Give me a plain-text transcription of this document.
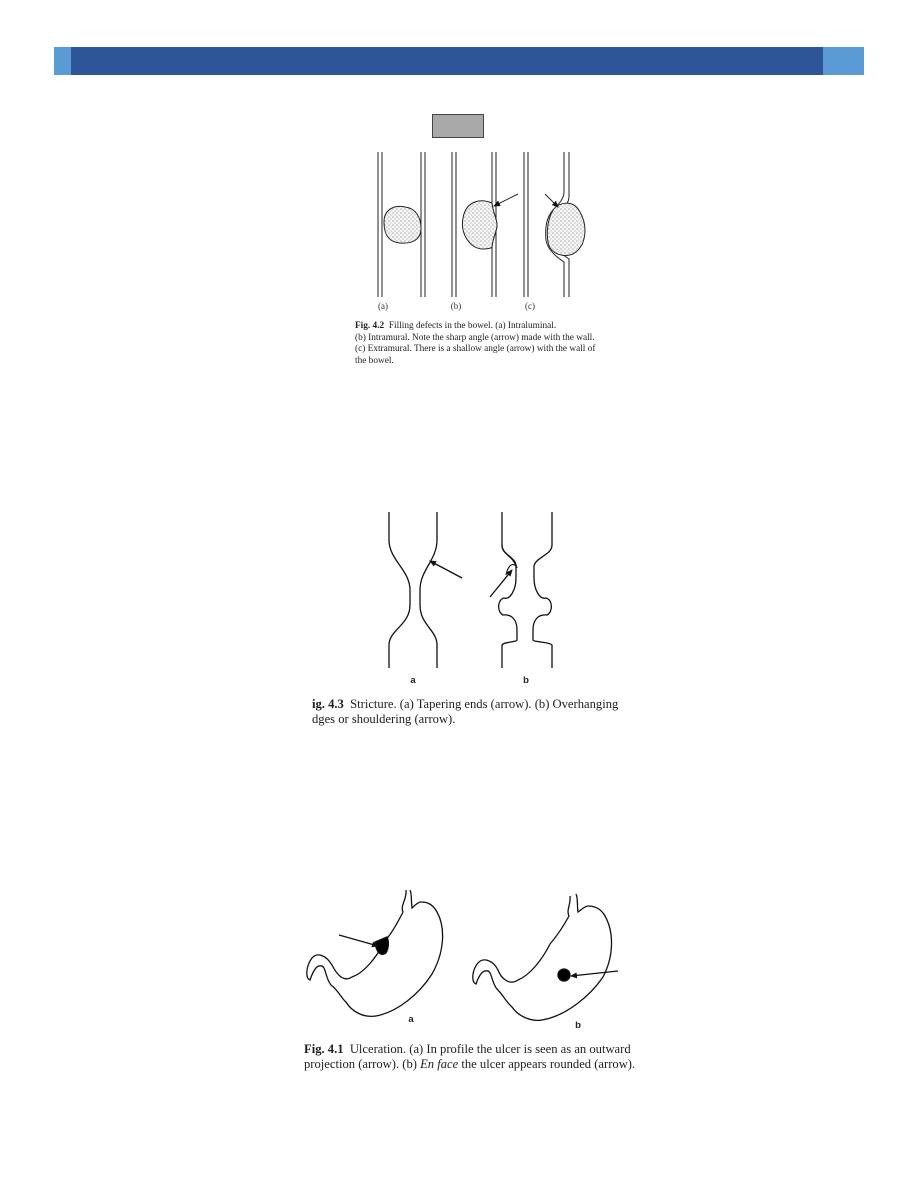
(a)	(b)	(c)
a	b
a
b
Fig. 4.2 Filling defects in the bowel. (a) Intraluminal.
(b) Intramural. Note the sharp angle (arrow) made with the wall.
(c) Extramural. There is a shallow angle (arrow) with the wall of
the bowel.
ig. 4.3 Stricture. (a) Tapering ends (arrow). (b) Overhanging
dges or shouldering (arrow).
Fig. 4.1 Ulceration. (a) In profile the ulcer is seen as an outward
projection (arrow). (b) En face the ulcer appears rounded (arrow).
